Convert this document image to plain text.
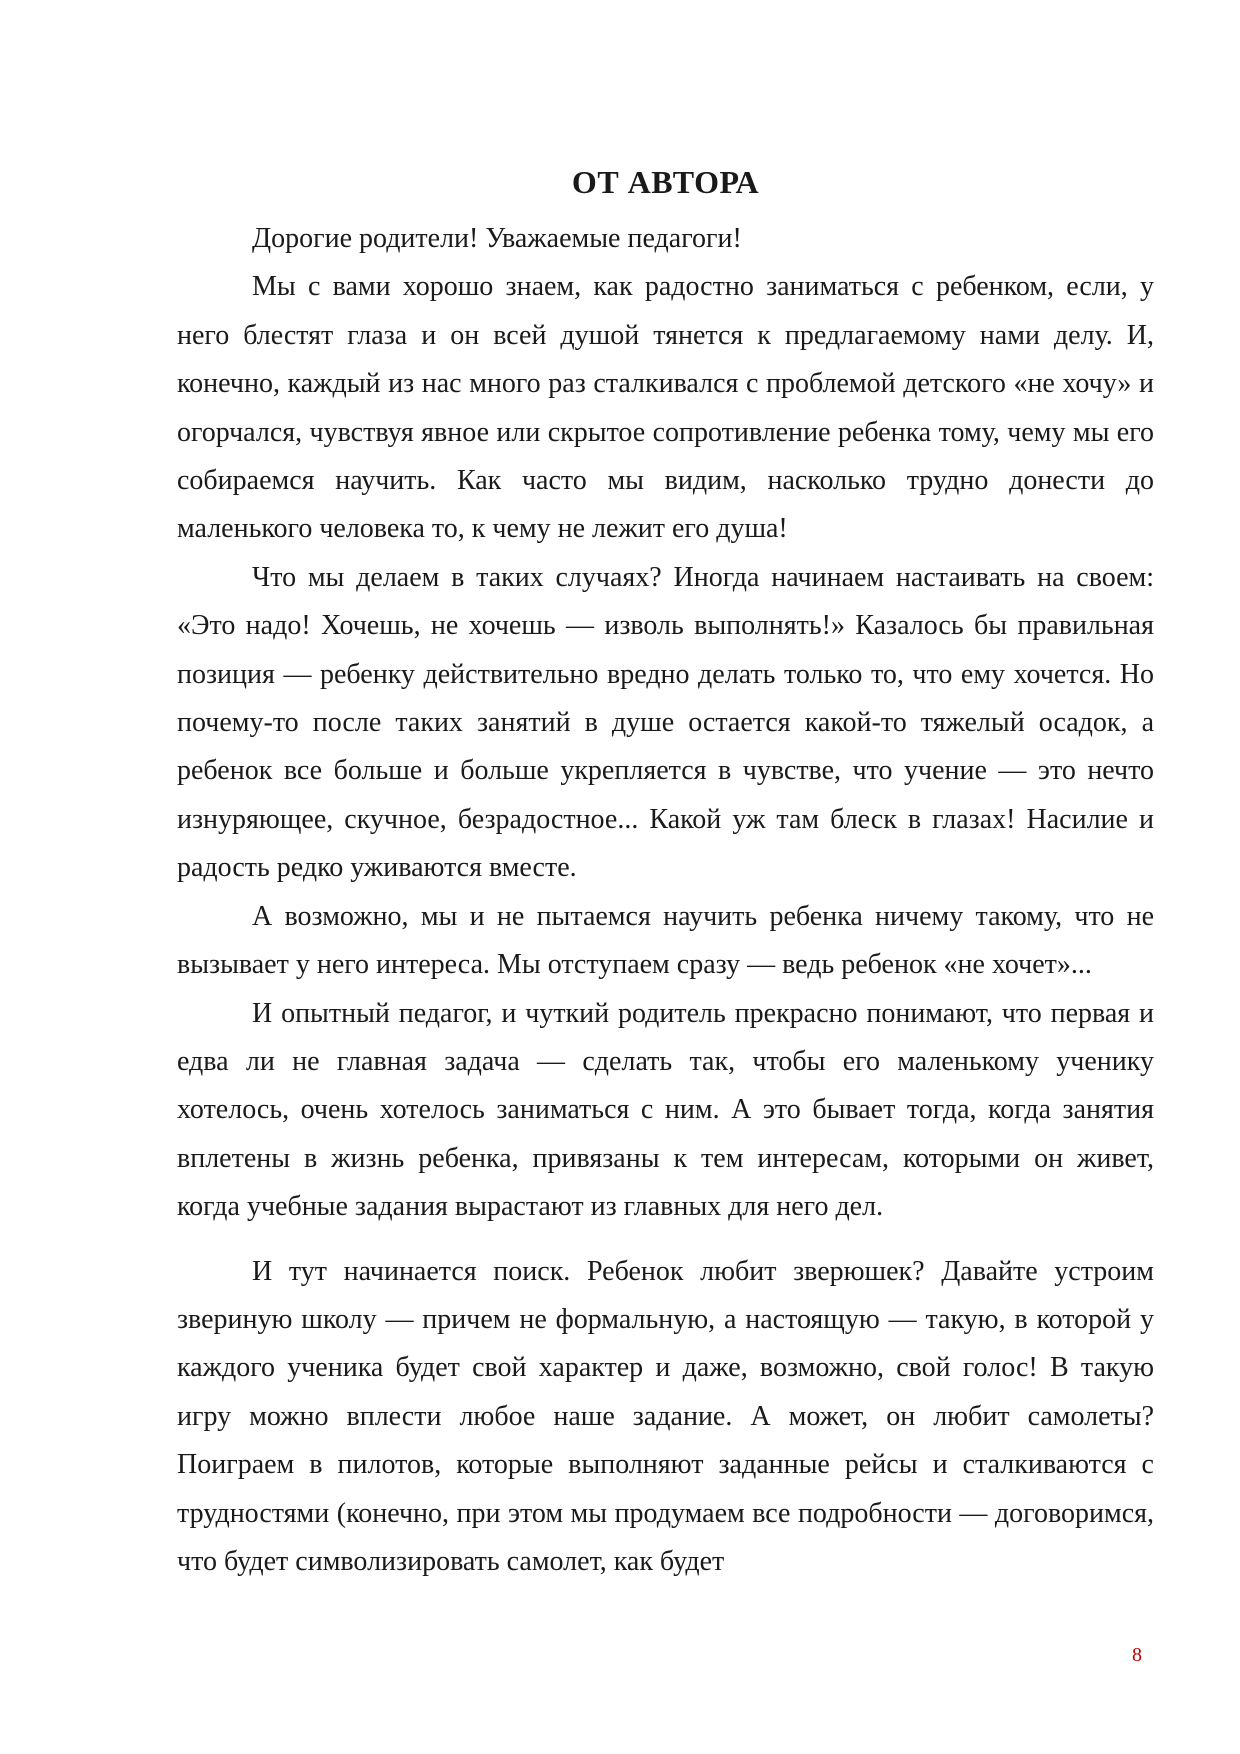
ОТ АВТОРА

Дорогие родители! Уважаемые педагоги!

Мы с вами хорошо знаем, как радостно заниматься с ребенком, если, у него блестят глаза и он всей душой тянется к предлагаемому нами делу. И, конечно, каждый из нас много раз сталкивался с проблемой детского «не хочу» и огорчался, чувствуя явное или скрытое сопротивление ребенка тому, чему мы его собираемся научить. Как часто мы видим, насколько трудно донести до маленького человека то, к чему не лежит его душа!

Что мы делаем в таких случаях? Иногда начинаем настаивать на своем: «Это надо! Хочешь, не хочешь — изволь выполнять!» Казалось бы правильная позиция — ребенку действительно вредно делать только то, что ему хочется. Но почему-то после таких занятий в душе остается какой-то тяжелый осадок, а ребенок все больше и больше укрепляется в чувстве, что учение — это нечто изнуряющее, скучное, безрадостное... Какой уж там блеск в глазах! Насилие и радость редко уживаются вместе.

А возможно, мы и не пытаемся научить ребенка ничему такому, что не вызывает у него интереса. Мы отступаем сразу — ведь ребенок «не хочет»...

И опытный педагог, и чуткий родитель прекрасно понимают, что первая и едва ли не главная задача — сделать так, чтобы его маленькому ученику хотелось, очень хотелось заниматься с ним. А это бывает тогда, когда занятия вплетены в жизнь ребенка, привязаны к тем интересам, которыми он живет, когда учебные задания вырастают из главных для него дел.

И тут начинается поиск. Ребенок любит зверюшек? Давайте устроим звериную школу — причем не формальную, а настоящую — такую, в которой у каждого ученика будет свой характер и даже, возможно, свой голос! В такую игру можно вплести любое наше задание. А может, он любит самолеты? Поиграем в пилотов, которые выполняют заданные рейсы и сталкиваются с трудностями (конечно, при этом мы продумаем все подробности — договоримся, что будет символизировать самолет, как будет

8
